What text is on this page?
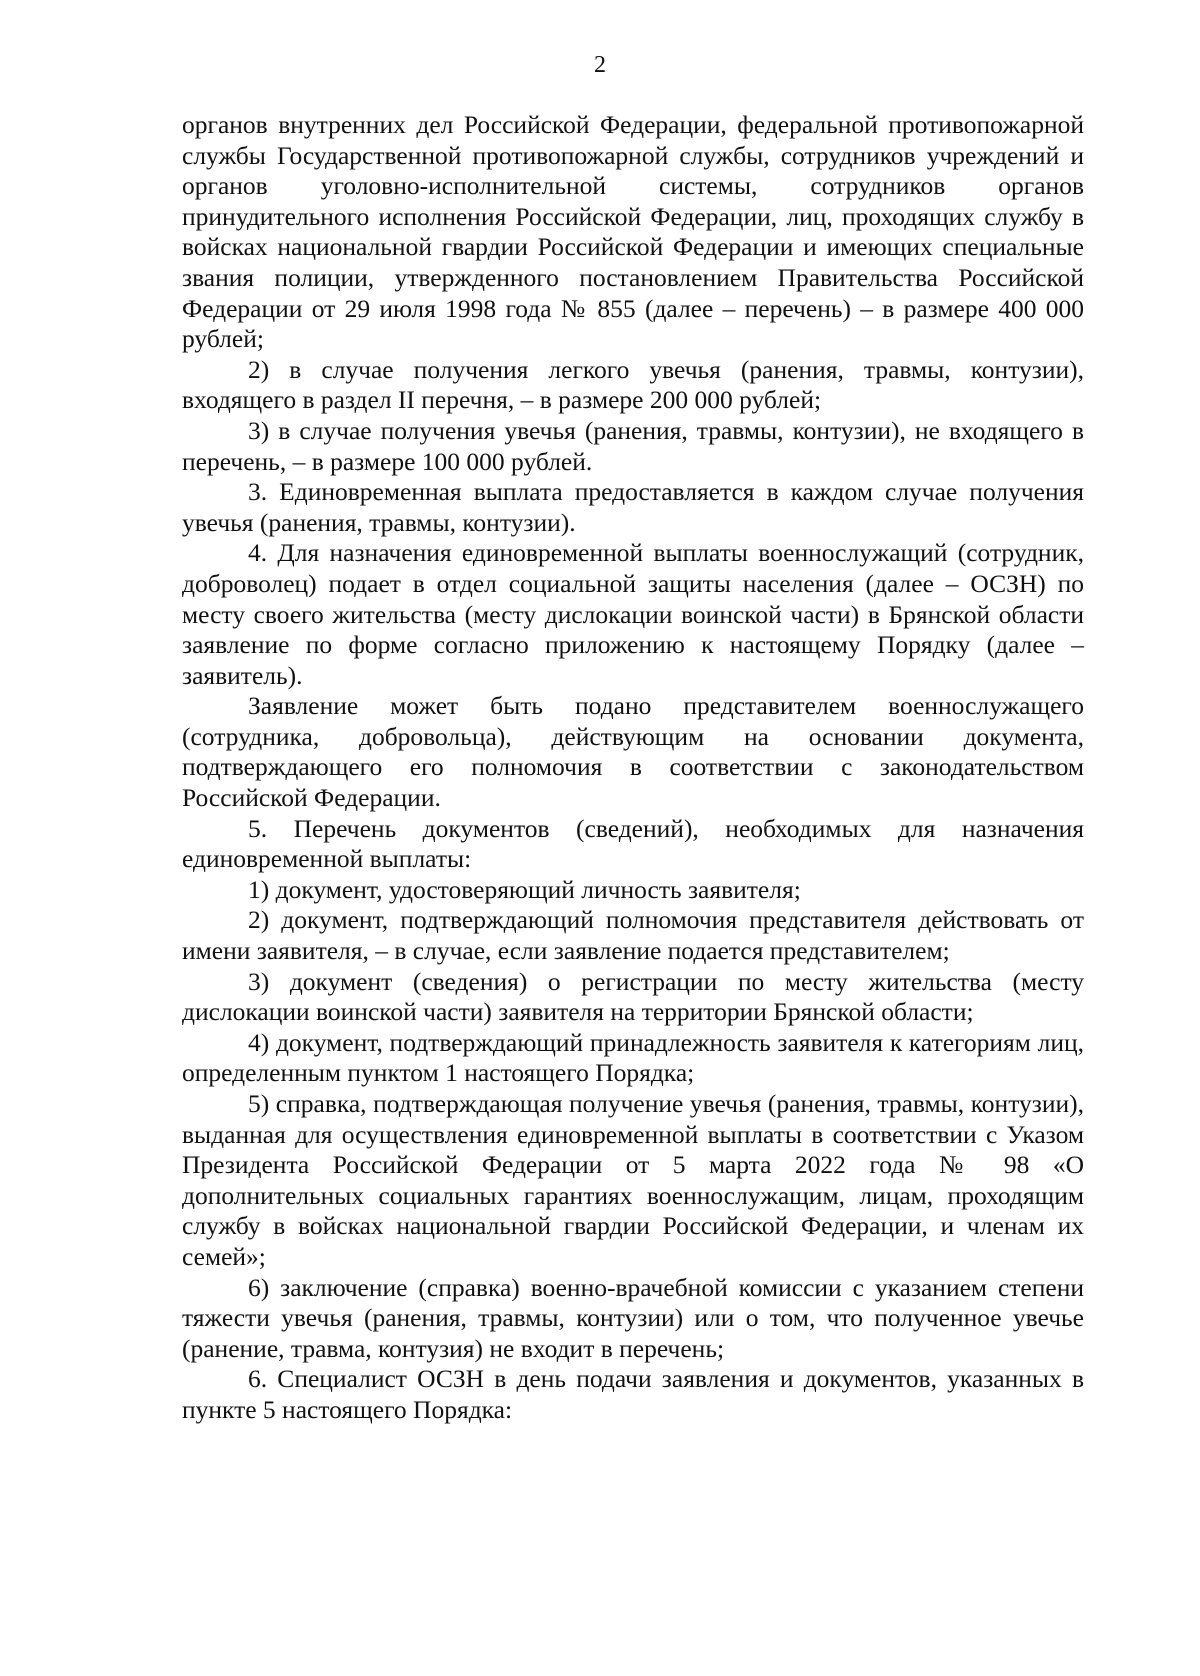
2

органов внутренних дел Российской Федерации, федеральной противопожарной службы Государственной противопожарной службы, сотрудников учреждений и органов уголовно-исполнительной системы, сотрудников органов принудительного исполнения Российской Федерации, лиц, проходящих службу в войсках национальной гвардии Российской Федерации и имеющих специальные звания полиции, утвержденного постановлением Правительства Российской Федерации от 29 июля 1998 года № 855 (далее – перечень) – в размере 400 000 рублей;

2) в случае получения легкого увечья (ранения, травмы, контузии), входящего в раздел II перечня, – в размере 200 000 рублей;

3) в случае получения увечья (ранения, травмы, контузии), не входящего в перечень, – в размере 100 000 рублей.

3. Единовременная выплата предоставляется в каждом случае получения увечья (ранения, травмы, контузии).

4. Для назначения единовременной выплаты военнослужащий (сотрудник, доброволец) подает в отдел социальной защиты населения (далее – ОСЗН) по месту своего жительства (месту дислокации воинской части) в Брянской области заявление по форме согласно приложению к настоящему Порядку (далее – заявитель).

Заявление может быть подано представителем военнослужащего (сотрудника, добровольца), действующим на основании документа, подтверждающего его полномочия в соответствии с законодательством Российской Федерации.

5. Перечень документов (сведений), необходимых для назначения единовременной выплаты:

1) документ, удостоверяющий личность заявителя;

2) документ, подтверждающий полномочия представителя действовать от имени заявителя, – в случае, если заявление подается представителем;

3) документ (сведения) о регистрации по месту жительства (месту дислокации воинской части) заявителя на территории Брянской области;

4) документ, подтверждающий принадлежность заявителя к категориям лиц, определенным пунктом 1 настоящего Порядка;

5) справка, подтверждающая получение увечья (ранения, травмы, контузии), выданная для осуществления единовременной выплаты в соответствии с Указом Президента Российской Федерации от 5 марта 2022 года № 98 «О дополнительных социальных гарантиях военнослужащим, лицам, проходящим службу в войсках национальной гвардии Российской Федерации, и членам их семей»;

6) заключение (справка) военно-врачебной комиссии с указанием степени тяжести увечья (ранения, травмы, контузии) или о том, что полученное увечье (ранение, травма, контузия) не входит в перечень;

6. Специалист ОСЗН в день подачи заявления и документов, указанных в пункте 5 настоящего Порядка:
